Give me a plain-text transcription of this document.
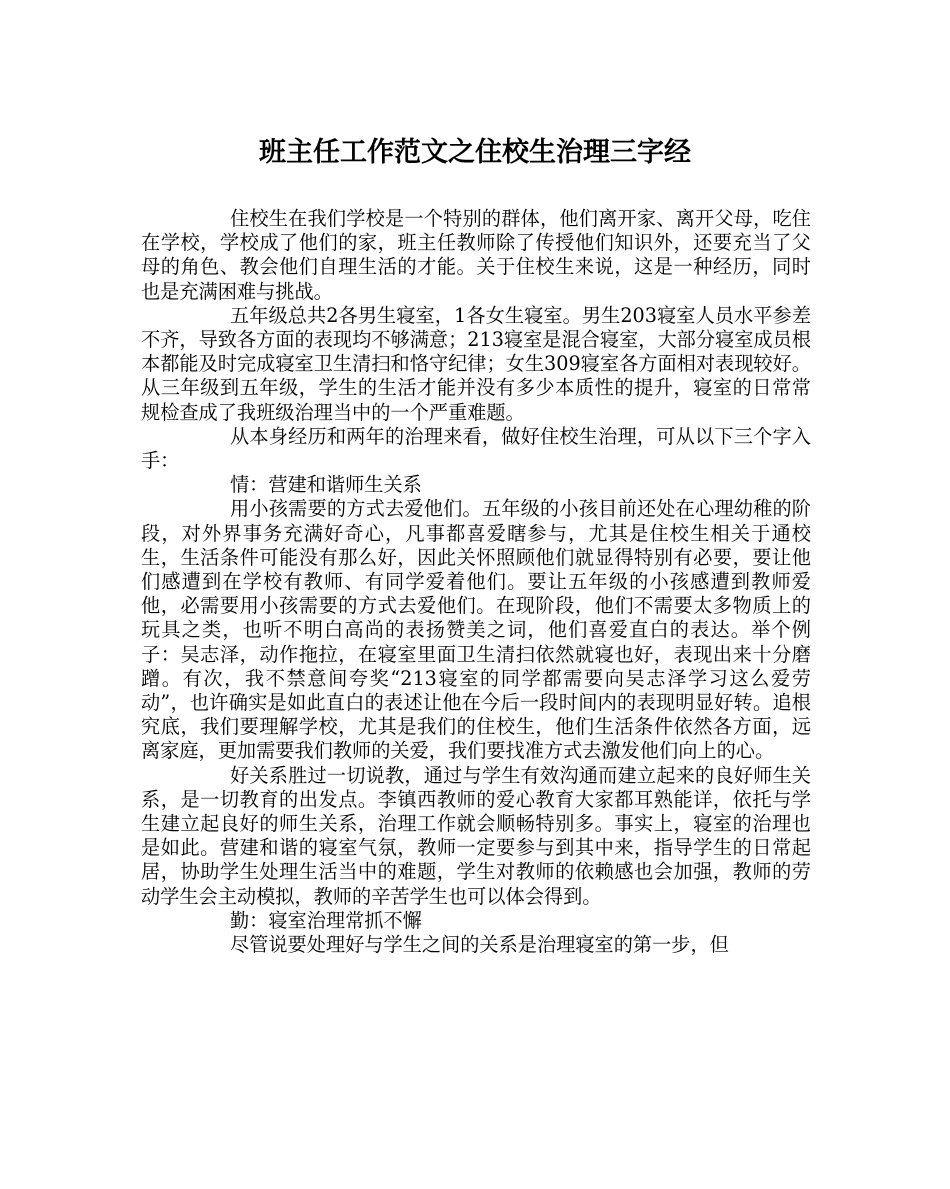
班主任工作范文之住校生治理三字经

住校生在我们学校是一个特别的群体，他们离开家、离开父母，吃住在学校，学校成了他们的家，班主任教师除了传授他们知识外，还要充当了父母的角色、教会他们自理生活的才能。关于住校生来说，这是一种经历，同时也是充满困难与挑战。

五年级总共2各男生寝室，1各女生寝室。男生203寝室人员水平参差不齐，导致各方面的表现均不够满意；213寝室是混合寝室，大部分寝室成员根本都能及时完成寝室卫生清扫和恪守纪律；女生309寝室各方面相对表现较好。从三年级到五年级，学生的生活才能并没有多少本质性的提升，寝室的日常常规检查成了我班级治理当中的一个严重难题。

从本身经历和两年的治理来看，做好住校生治理，可从以下三个字入手：

情：营建和谐师生关系

用小孩需要的方式去爱他们。五年级的小孩目前还处在心理幼稚的阶段，对外界事务充满好奇心，凡事都喜爱瞎参与，尤其是住校生相关于通校生，生活条件可能没有那么好，因此关怀照顾他们就显得特别有必要，要让他们感遭到在学校有教师、有同学爱着他们。要让五年级的小孩感遭到教师爱他，必需要用小孩需要的方式去爱他们。在现阶段，他们不需要太多物质上的玩具之类，也听不明白高尚的表扬赞美之词，他们喜爱直白的表达。举个例子：吴志泽，动作拖拉，在寝室里面卫生清扫依然就寝也好，表现出来十分磨蹭。有次，我不禁意间夸奖“213寝室的同学都需要向吴志泽学习这么爱劳动”，也许确实是如此直白的表述让他在今后一段时间内的表现明显好转。追根究底，我们要理解学校，尤其是我们的住校生，他们生活条件依然各方面，远离家庭，更加需要我们教师的关爱，我们要找准方式去激发他们向上的心。

好关系胜过一切说教，通过与学生有效沟通而建立起来的良好师生关系，是一切教育的出发点。李镇西教师的爱心教育大家都耳熟能详，依托与学生建立起良好的师生关系，治理工作就会顺畅特别多。事实上，寝室的治理也是如此。营建和谐的寝室气氛，教师一定要参与到其中来，指导学生的日常起居，协助学生处理生活当中的难题，学生对教师的依赖感也会加强，教师的劳动学生会主动模拟，教师的辛苦学生也可以体会得到。

勤：寝室治理常抓不懈

尽管说要处理好与学生之间的关系是治理寝室的第一步，但
